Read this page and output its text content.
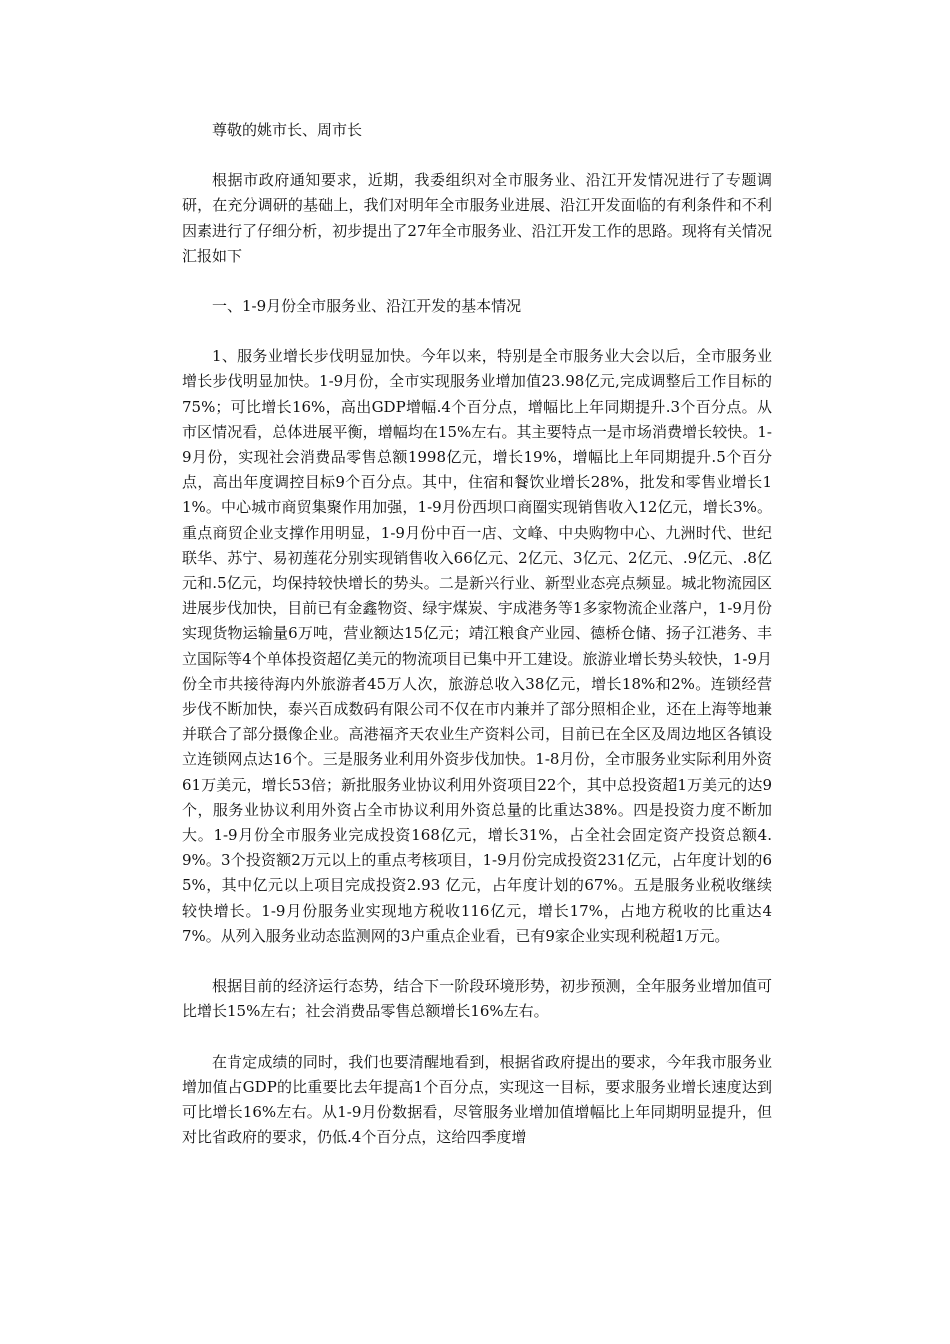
尊敬的姚市长、周市长

根据市政府通知要求，近期，我委组织对全市服务业、沿江开发情况进行了专题调研，在充分调研的基础上，我们对明年全市服务业进展、沿江开发面临的有利条件和不利因素进行了仔细分析，初步提出了27年全市服务业、沿江开发工作的思路。现将有关情况汇报如下

一、1-9月份全市服务业、沿江开发的基本情况

1、服务业增长步伐明显加快。今年以来，特别是全市服务业大会以后，全市服务业增长步伐明显加快。1-9月份，全市实现服务业增加值23.98亿元,完成调整后工作目标的75%；可比增长16%，高出GDP增幅.4个百分点，增幅比上年同期提升.3个百分点。从市区情况看，总体进展平衡，增幅均在15%左右。其主要特点一是市场消费增长较快。1-9月份，实现社会消费品零售总额1998亿元，增长19%，增幅比上年同期提升.5个百分点，高出年度调控目标9个百分点。其中，住宿和餐饮业增长28%，批发和零售业增长11%。中心城市商贸集聚作用加强，1-9月份西坝口商圈实现销售收入12亿元，增长3%。重点商贸企业支撑作用明显，1-9月份中百一店、文峰、中央购物中心、九洲时代、世纪联华、苏宁、易初莲花分别实现销售收入66亿元、2亿元、3亿元、2亿元、.9亿元、.8亿元和.5亿元，均保持较快增长的势头。二是新兴行业、新型业态亮点频显。城北物流园区进展步伐加快，目前已有金鑫物资、绿宇煤炭、宇成港务等1多家物流企业落户，1-9月份实现货物运输量6万吨，营业额达15亿元；靖江粮食产业园、德桥仓储、扬子江港务、丰立国际等4个单体投资超亿美元的物流项目已集中开工建设。旅游业增长势头较快，1-9月份全市共接待海内外旅游者45万人次，旅游总收入38亿元，增长18%和2%。连锁经营步伐不断加快，泰兴百成数码有限公司不仅在市内兼并了部分照相企业，还在上海等地兼并联合了部分摄像企业。高港福齐天农业生产资料公司，目前已在全区及周边地区各镇设立连锁网点达16个。三是服务业利用外资步伐加快。1-8月份，全市服务业实际利用外资61万美元，增长53倍；新批服务业协议利用外资项目22个，其中总投资超1万美元的达9个，服务业协议利用外资占全市协议利用外资总量的比重达38%。四是投资力度不断加大。1-9月份全市服务业完成投资168亿元，增长31%，占全社会固定资产投资总额4.9%。3个投资额2万元以上的重点考核项目，1-9月份完成投资231亿元，占年度计划的65%，其中亿元以上项目完成投资2.93 亿元，占年度计划的67%。五是服务业税收继续较快增长。1-9月份服务业实现地方税收116亿元，增长17%，占地方税收的比重达47%。从列入服务业动态监测网的3户重点企业看，已有9家企业实现利税超1万元。

根据目前的经济运行态势，结合下一阶段环境形势，初步预测，全年服务业增加值可比增长15%左右；社会消费品零售总额增长16%左右。

在肯定成绩的同时，我们也要清醒地看到，根据省政府提出的要求，今年我市服务业增加值占GDP的比重要比去年提高1个百分点，实现这一目标，要求服务业增长速度达到可比增长16%左右。从1-9月份数据看，尽管服务业增加值增幅比上年同期明显提升，但对比省政府的要求，仍低.4个百分点，这给四季度增
